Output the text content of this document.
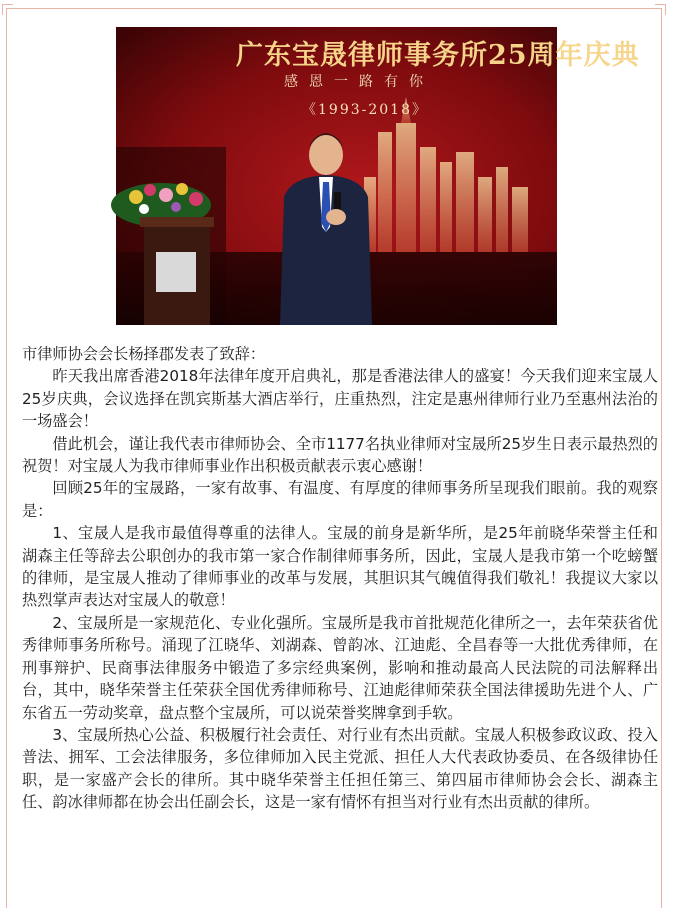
广东宝晟律师事务所25周年庆典
感恩一路有你
《1993-2018》

市律师协会会长杨择郡发表了致辞：

昨天我出席香港2018年法律年度开启典礼，那是香港法律人的盛宴！今天我们迎来宝晟人25岁庆典，会议选择在凯宾斯基大酒店举行，庄重热烈，注定是惠州律师行业乃至惠州法治的一场盛会！

借此机会，谨让我代表市律师协会、全市1177名执业律师对宝晟所25岁生日表示最热烈的祝贺！对宝晟人为我市律师事业作出积极贡献表示衷心感谢！

回顾25年的宝晟路，一家有故事、有温度、有厚度的律师事务所呈现我们眼前。我的观察是：

1、宝晟人是我市最值得尊重的法律人。宝晟的前身是新华所，是25年前晓华荣誉主任和湖森主任等辞去公职创办的我市第一家合作制律师事务所，因此，宝晟人是我市第一个吃螃蟹的律师，是宝晟人推动了律师事业的改革与发展，其胆识其气魄值得我们敬礼！我提议大家以热烈掌声表达对宝晟人的敬意！

2、宝晟所是一家规范化、专业化强所。宝晟所是我市首批规范化律所之一，去年荣获省优秀律师事务所称号。涌现了江晓华、刘湖森、曾韵冰、江迪彪、全昌春等一大批优秀律师，在刑事辩护、民商事法律服务中锻造了多宗经典案例，影响和推动最高人民法院的司法解释出台，其中，晓华荣誉主任荣获全国优秀律师称号、江迪彪律师荣获全国法律援助先进个人、广东省五一劳动奖章，盘点整个宝晟所，可以说荣誉奖牌拿到手软。

3、宝晟所热心公益、积极履行社会责任、对行业有杰出贡献。宝晟人积极参政议政、投入普法、拥军、工会法律服务，多位律师加入民主党派、担任人大代表政协委员、在各级律协任职，是一家盛产会长的律所。其中晓华荣誉主任担任第三、第四届市律师协会会长、湖森主任、韵冰律师都在协会出任副会长，这是一家有情怀有担当对行业有杰出贡献的律所。
